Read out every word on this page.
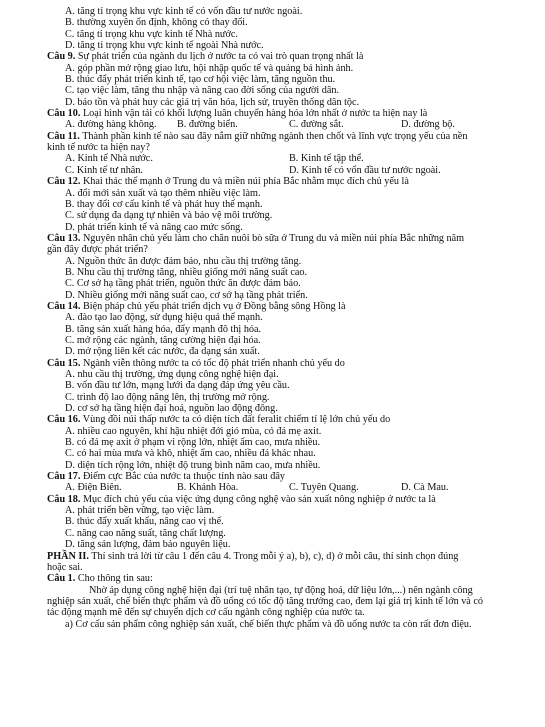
A. tăng tỉ trọng khu vực kinh tế có vốn đầu tư nước ngoài.
B. thường xuyên ổn định, không có thay đổi.
C. tăng tỉ trọng khu vực kinh tế Nhà nước.
D. tăng tỉ trọng khu vực kinh tế ngoài Nhà nước.
Câu 9. Sự phát triển của ngành du lịch ở nước ta có vai trò quan trọng nhất là
A. góp phần mở rộng giao lưu, hội nhập quốc tế và quảng bá hình ảnh.
B. thúc đẩy phát triển kinh tế, tạo cơ hội việc làm, tăng nguồn thu.
C. tạo việc làm, tăng thu nhập và nâng cao đời sống của người dân.
D. bảo tồn và phát huy các giá trị văn hóa, lịch sử, truyền thống dân tộc.
Câu 10. Loại hình vận tải có khối lượng luân chuyển hàng hóa lớn nhất ở nước ta hiện nay là
A. đường hàng không.	B. đường biển.	C. đường sắt.	D. đường bộ.
Câu 11. Thành phần kinh tế nào sau đây nắm giữ những ngành then chốt và lĩnh vực trọng yếu của nền
kinh tế nước ta hiện nay?
A. Kinh tế Nhà nước.	B. Kinh tế tập thể.
C. Kinh tế tư nhân.	D. Kinh tế có vốn đầu tư nước ngoài.
Câu 12. Khai thác thế mạnh ở Trung du và miền núi phía Bắc nhằm mục đích chủ yếu là
A. đổi mới sản xuất và tạo thêm nhiều việc làm.
B. thay đổi cơ cấu kinh tế và phát huy thế mạnh.
C. sử dụng đa dạng tự nhiên và bảo vệ môi trường.
D. phát triển kinh tế và nâng cao mức sống.
Câu 13. Nguyên nhân chủ yếu làm cho chăn nuôi bò sữa ở Trung du và miền núi phía Bắc những năm
gần đây được phát triển?
A. Nguồn thức ăn được đảm bảo, nhu cầu thị trường tăng.
B. Nhu cầu thị trường tăng, nhiều giống mới năng suất cao.
C. Cơ sở hạ tầng phát triển, nguồn thức ăn được đảm bảo.
D. Nhiều giống mới năng suất cao, cơ sở hạ tầng phát triển.
Câu 14. Biện pháp chủ yếu phát triển dịch vụ ở Đồng bằng sông Hồng là
A. đào tạo lao động, sử dụng hiệu quả thế mạnh.
B. tăng sản xuất hàng hóa, đẩy mạnh đô thị hóa.
C. mở rộng các ngành, tăng cường hiện đại hóa.
D. mở rộng liên kết các nước, đa dạng sản xuất.
Câu 15. Ngành viễn thông nước ta có tốc độ phát triển nhanh chủ yếu do
A. nhu cầu thị trường, ứng dụng công nghệ hiện đại.
B. vốn đầu tư lớn, mạng lưới đa dạng đáp ứng yêu cầu.
C. trình độ lao động nâng lên, thị trường mở rộng.
D. cơ sở hạ tầng hiện đại hoá, nguồn lao động đông.
Câu 16. Vùng đồi núi thấp nước ta có diện tích đất feralit chiếm tỉ lệ lớn chủ yếu do
A. nhiều cao nguyên, khí hậu nhiệt đới gió mùa, có đá mẹ axit.
B. có đá mẹ axit ở phạm vi rộng lớn, nhiệt ẩm cao, mưa nhiều.
C. có hai mùa mưa và khô, nhiệt ẩm cao, nhiều đá khác nhau.
D. diện tích rộng lớn, nhiệt độ trung bình năm cao, mưa nhiều.
Câu 17. Điểm cực Bắc của nước ta thuộc tỉnh nào sau đây
A. Điện Biên.	B. Khánh Hòa.	C. Tuyên Quang.	D. Cà Mau.
Câu 18. Mục đích chủ yếu của việc ứng dụng công nghệ vào sản xuất nông nghiệp ở nước ta là
A. phát triển bền vững, tạo việc làm.
B. thúc đẩy xuất khẩu, nâng cao vị thế.
C. nâng cao năng suất, tăng chất lượng.
D. tăng sản lượng, đảm bảo nguyên liệu.
PHẦN II. Thí sinh trả lời từ câu 1 đến câu 4. Trong mỗi ý a), b), c), d) ở mỗi câu, thí sinh chọn đúng
hoặc sai.
Câu 1. Cho thông tin sau:
Nhờ áp dụng công nghệ hiện đại (trí tuệ nhân tạo, tự động hoá, dữ liệu lớn,...) nên ngành công
nghiệp sản xuất, chế biến thực phẩm và đồ uống có tốc độ tăng trưởng cao, đem lại giá trị kinh tế lớn và có
tác động mạnh mẽ đến sự chuyển dịch cơ cấu ngành công nghiệp của nước ta.
a) Cơ cấu sản phẩm công nghiệp sản xuất, chế biến thực phẩm và đồ uống nước ta còn rất đơn điệu.
